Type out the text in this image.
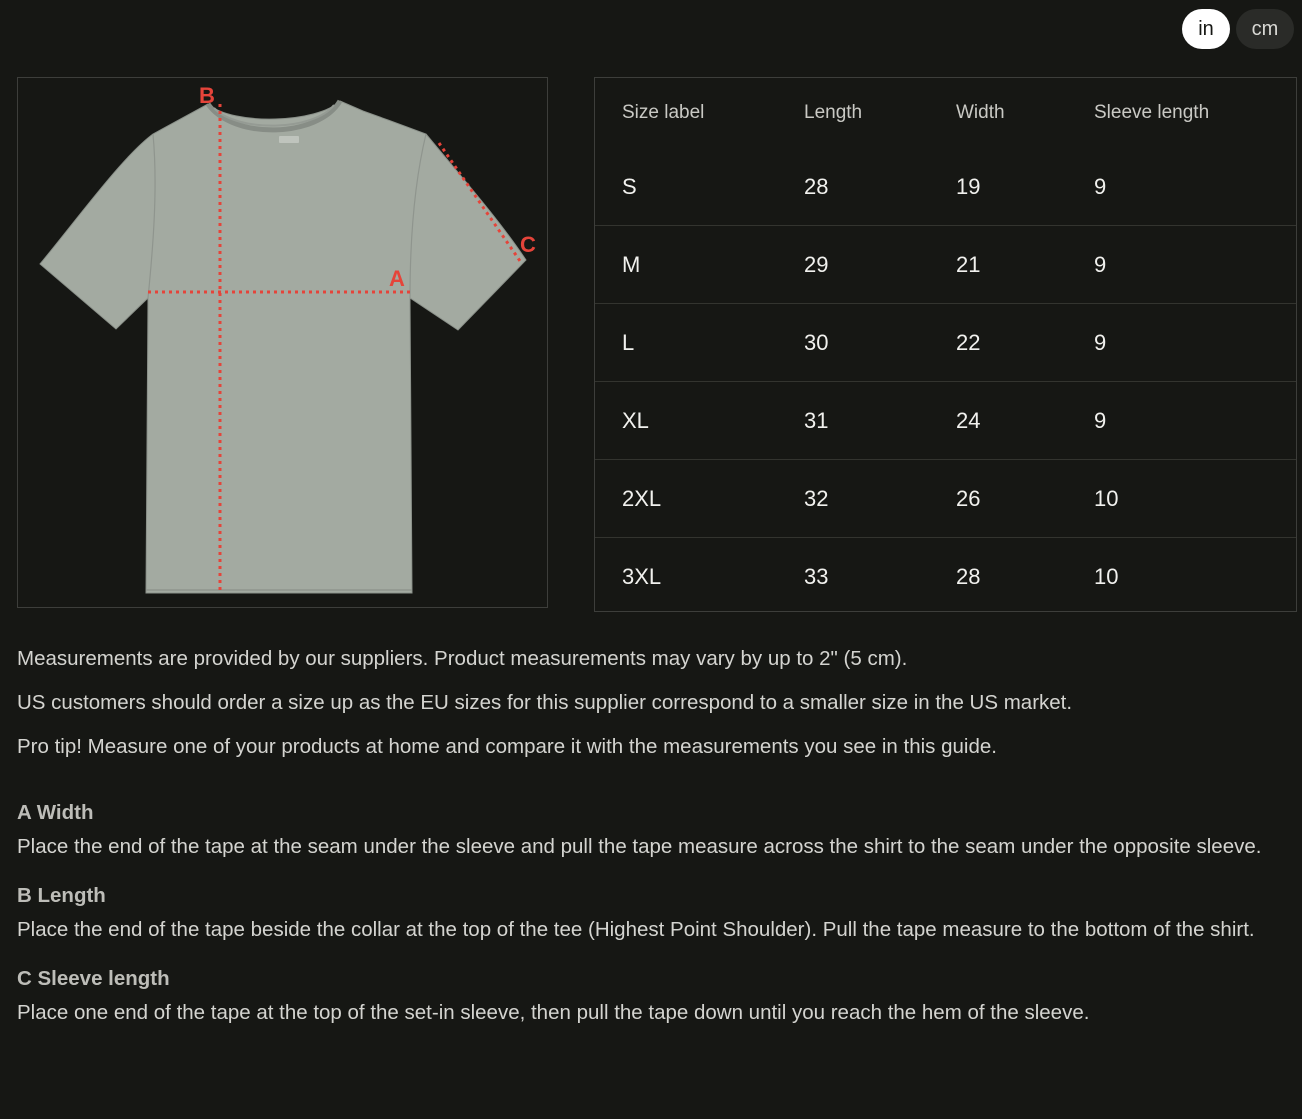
in	cm
B
A
C
Size label	Length	Width	Sleeve length
S	28	19	9
M	29	21	9
L	30	22	9
XL	31	24	9
2XL	32	26	10
3XL	33	28	10

Measurements are provided by our suppliers. Product measurements may vary by up to 2" (5 cm).

US customers should order a size up as the EU sizes for this supplier correspond to a smaller size in the US market.

Pro tip! Measure one of your products at home and compare it with the measurements you see in this guide.

A Width

Place the end of the tape at the seam under the sleeve and pull the tape measure across the shirt to the seam under the opposite sleeve.

B Length

Place the end of the tape beside the collar at the top of the tee (Highest Point Shoulder). Pull the tape measure to the bottom of the shirt.

C Sleeve length

Place one end of the tape at the top of the set-in sleeve, then pull the tape down until you reach the hem of the sleeve.
